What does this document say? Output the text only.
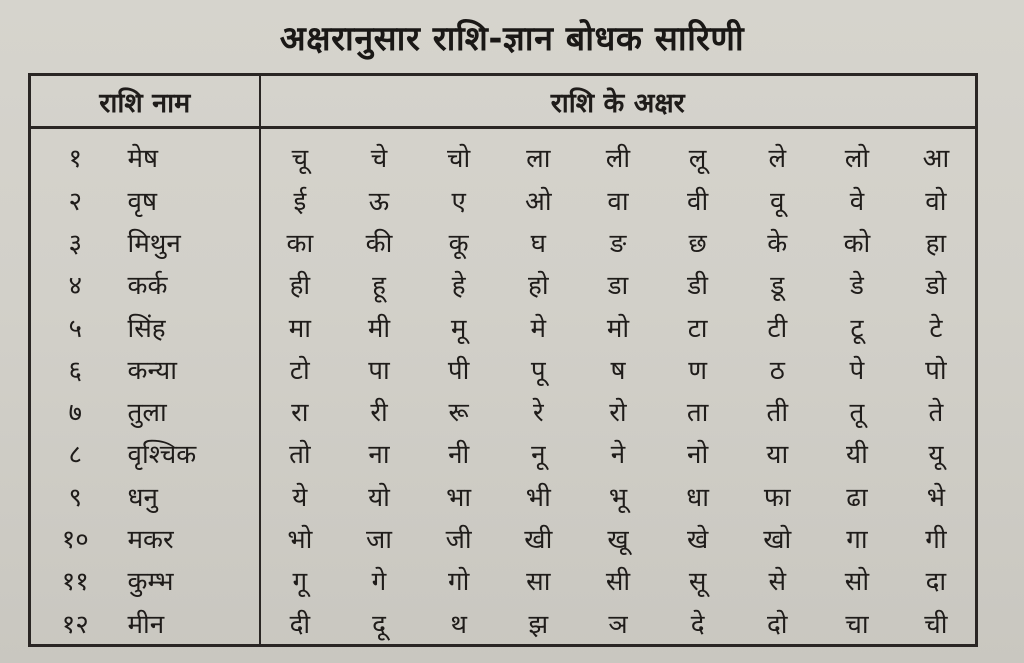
अक्षरानुसार राशि-ज्ञान बोधक सारिणी
राशि नाम		राशि के अक्षर								
१	मेष	चू	चे	चो	ला	ली	लू	ले	लो	आ
२	वृष	ई	ऊ	ए	ओ	वा	वी	वू	वे	वो
३	मिथुन	का	की	कू	घ	ङ	छ	के	को	हा
४	कर्क	ही	हू	हे	हो	डा	डी	डू	डे	डो
५	सिंह	मा	मी	मू	मे	मो	टा	टी	टू	टे
६	कन्या	टो	पा	पी	पू	ष	ण	ठ	पे	पो
७	तुला	रा	री	रू	रे	रो	ता	ती	तू	ते
८	वृश्चिक	तो	ना	नी	नू	ने	नो	या	यी	यू
९	धनु	ये	यो	भा	भी	भू	धा	फा	ढा	भे
१०	मकर	भो	जा	जी	खी	खू	खे	खो	गा	गी
११	कुम्भ	गू	गे	गो	सा	सी	सू	से	सो	दा
१२	मीन	दी	दू	थ	झ	ञ	दे	दो	चा	ची
